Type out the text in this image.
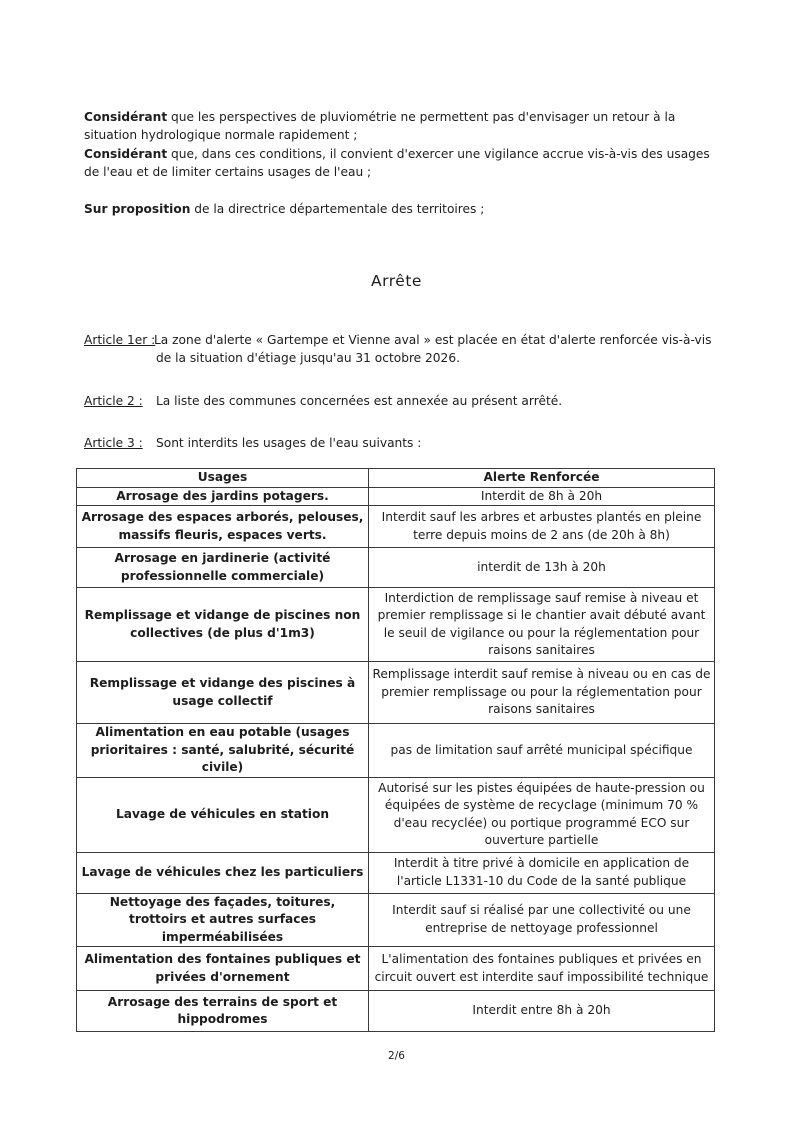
Considérant que les perspectives de pluviométrie ne permettent pas d'envisager un retour à la situation hydrologique normale rapidement ;
Considérant que, dans ces conditions, il convient d'exercer une vigilance accrue vis-à-vis des usages de l'eau et de limiter certains usages de l'eau ;
Sur proposition de la directrice départementale des territoires ;
Arrête
Article 1er :
La zone d'alerte « Gartempe et Vienne aval » est placée en état d'alerte renforcée vis-à-vis
de la situation d'étiage jusqu'au 31 octobre 2026.
Article 2 : La liste des communes concernées est annexée au présent arrêté.
Article 3 : Sont interdits les usages de l'eau suivants :
Usages	Alerte Renforcée
Arrosage des jardins potagers.	Interdit de 8h à 20h
Arrosage des espaces arborés, pelouses, massifs fleuris, espaces verts.	Interdit sauf les arbres et arbustes plantés en pleine terre depuis moins de 2 ans (de 20h à 8h)
Arrosage en jardinerie (activité professionnelle commerciale)	interdit de 13h à 20h
Remplissage et vidange de piscines non collectives (de plus d'1m3)	Interdiction de remplissage sauf remise à niveau et premier remplissage si le chantier avait débuté avant le seuil de vigilance ou pour la réglementation pour raisons sanitaires
Remplissage et vidange des piscines à usage collectif	Remplissage interdit sauf remise à niveau ou en cas de premier remplissage ou pour la réglementation pour raisons sanitaires
Alimentation en eau potable (usages prioritaires : santé, salubrité, sécurité civile)	pas de limitation sauf arrêté municipal spécifique
Lavage de véhicules en station	Autorisé sur les pistes équipées de haute-pression ou équipées de système de recyclage (minimum 70 % d'eau recyclée) ou portique programmé ECO sur ouverture partielle
Lavage de véhicules chez les particuliers	Interdit à titre privé à domicile en application de l'article L1331-10 du Code de la santé publique
Nettoyage des façades, toitures, trottoirs et autres surfaces imperméabilisées	Interdit sauf si réalisé par une collectivité ou une entreprise de nettoyage professionnel
Alimentation des fontaines publiques et privées d'ornement	L'alimentation des fontaines publiques et privées en circuit ouvert est interdite sauf impossibilité technique
Arrosage des terrains de sport et hippodromes	Interdit entre 8h à 20h
2/6
